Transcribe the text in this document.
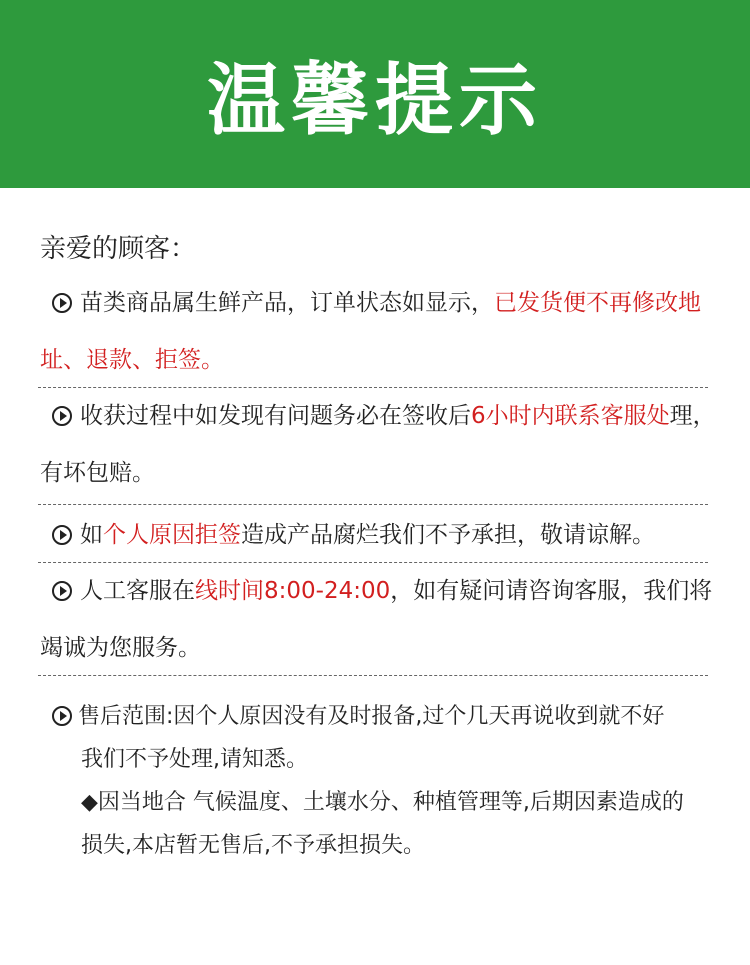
温馨提示
亲爱的顾客：
苗类商品属生鲜产品，订单状态如显示，已发货便不再修改地址、退款、拒签。
收获过程中如发现有问题务必在签收后6小时内联系客服处理，有坏包赔。
如个人原因拒签造成产品腐烂我们不予承担，敬请谅解。
人工客服在线时间8:00-24:00，如有疑问请咨询客服，我们将竭诚为您服务。
售后范围:因个人原因没有及时报备,过个几天再说收到就不好
我们不予处理,请知悉。
◆因当地合 气候温度、土壤水分、种植管理等,后期因素造成的
损失,本店暂无售后,不予承担损失。
